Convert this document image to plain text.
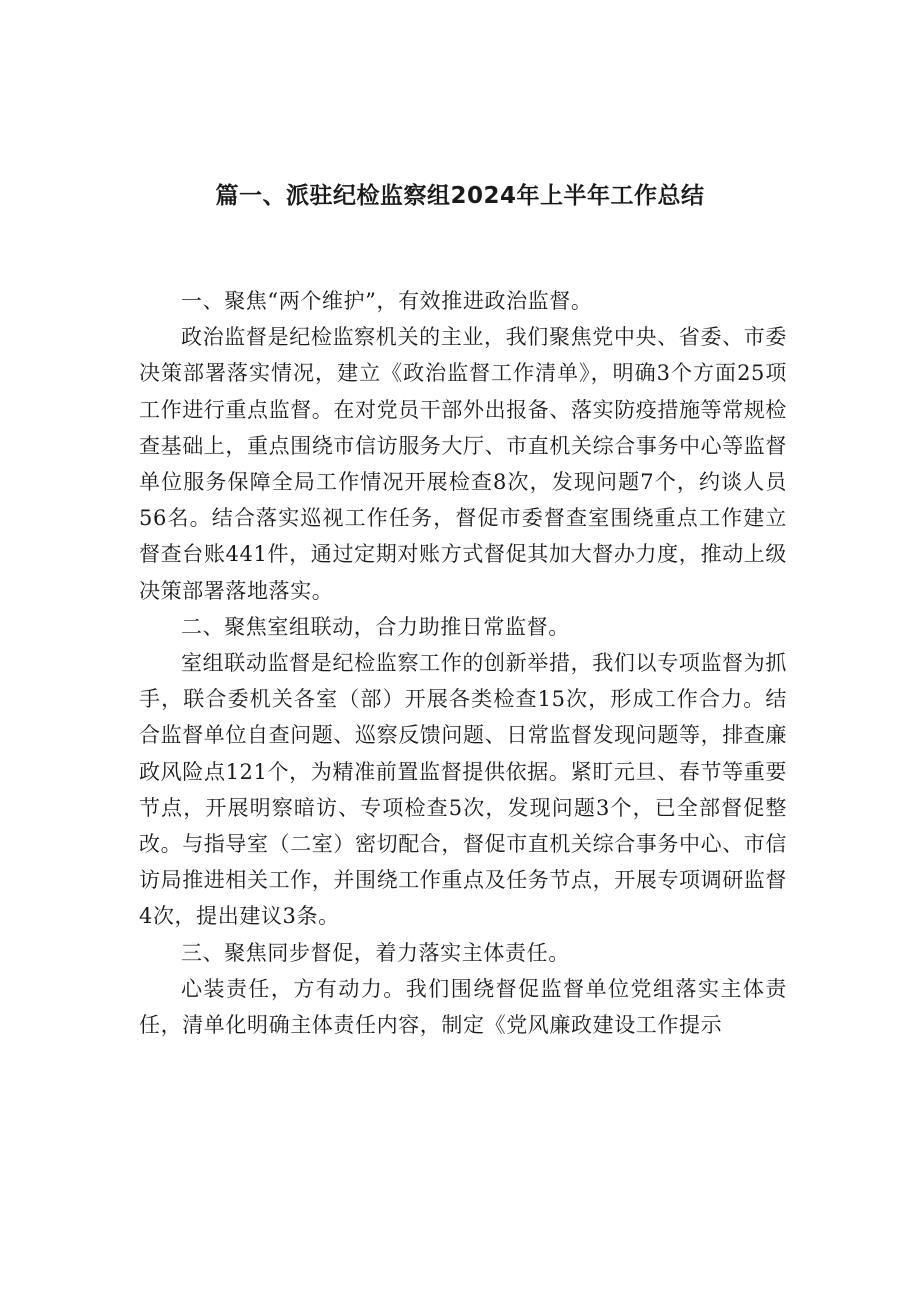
篇一、派驻纪检监察组2024年上半年工作总结

一、聚焦“两个维护”，有效推进政治监督。

政治监督是纪检监察机关的主业，我们聚焦党中央、省委、市委决策部署落实情况，建立《政治监督工作清单》，明确3个方面25项工作进行重点监督。在对党员干部外出报备、落实防疫措施等常规检查基础上，重点围绕市信访服务大厅、市直机关综合事务中心等监督单位服务保障全局工作情况开展检查8次，发现问题7个，约谈人员56名。结合落实巡视工作任务，督促市委督查室围绕重点工作建立督查台账441件，通过定期对账方式督促其加大督办力度，推动上级决策部署落地落实。

二、聚焦室组联动，合力助推日常监督。

室组联动监督是纪检监察工作的创新举措，我们以专项监督为抓手，联合委机关各室（部）开展各类检查15次，形成工作合力。结合监督单位自查问题、巡察反馈问题、日常监督发现问题等，排查廉政风险点121个，为精准前置监督提供依据。紧盯元旦、春节等重要节点，开展明察暗访、专项检查5次，发现问题3个，已全部督促整改。与指导室（二室）密切配合，督促市直机关综合事务中心、市信访局推进相关工作，并围绕工作重点及任务节点，开展专项调研监督4次，提出建议3条。

三、聚焦同步督促，着力落实主体责任。

心装责任，方有动力。我们围绕督促监督单位党组落实主体责任，清单化明确主体责任内容，制定《党风廉政建设工作提示
